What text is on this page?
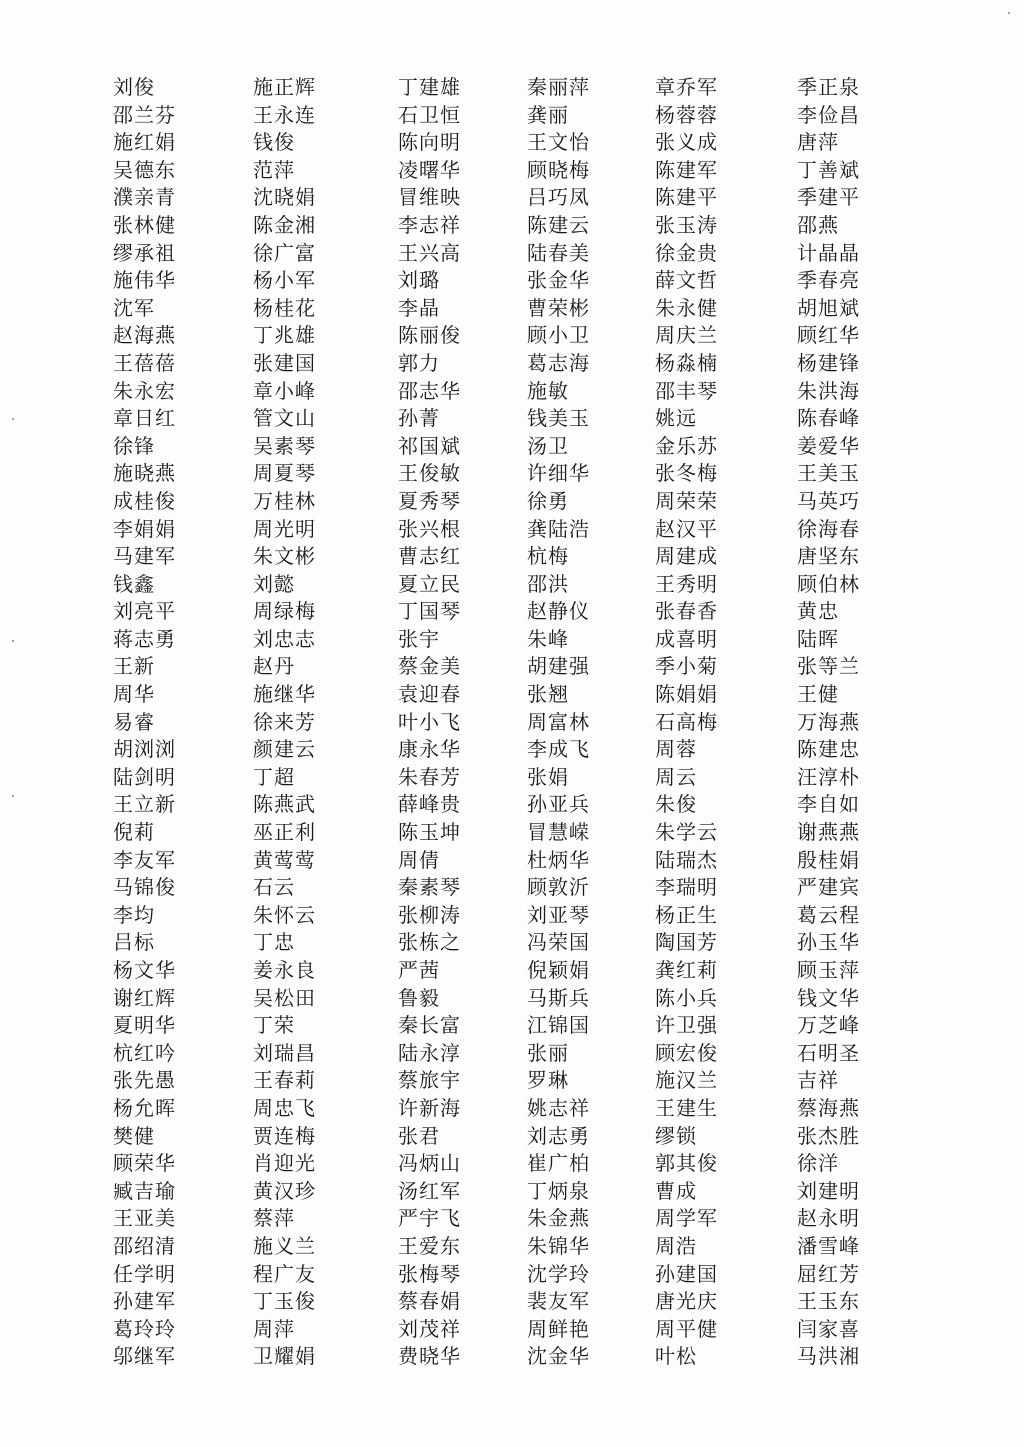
刘俊	施正辉	丁建雄	秦丽萍	章乔军	季正泉
邵兰芬	王永连	石卫恒	龚丽	杨蓉蓉	李俭昌
施红娟	钱俊	陈向明	王文怡	张义成	唐萍
吴德东	范萍	凌曙华	顾晓梅	陈建军	丁善斌
濮亲青	沈晓娟	冒维映	吕巧凤	陈建平	季建平
张林健	陈金湘	李志祥	陈建云	张玉涛	邵燕
缪承祖	徐广富	王兴高	陆春美	徐金贵	计晶晶
施伟华	杨小军	刘璐	张金华	薛文哲	季春亮
沈军	杨桂花	李晶	曹荣彬	朱永健	胡旭斌
赵海燕	丁兆雄	陈丽俊	顾小卫	周庆兰	顾红华
王蓓蓓	张建国	郭力	葛志海	杨淼楠	杨建锋
朱永宏	章小峰	邵志华	施敏	邵丰琴	朱洪海
章日红	管文山	孙菁	钱美玉	姚远	陈春峰
徐锋	吴素琴	祁国斌	汤卫	金乐苏	姜爱华
施晓燕	周夏琴	王俊敏	许细华	张冬梅	王美玉
成桂俊	万桂林	夏秀琴	徐勇	周荣荣	马英巧
李娟娟	周光明	张兴根	龚陆浩	赵汉平	徐海春
马建军	朱文彬	曹志红	杭梅	周建成	唐坚东
钱鑫	刘懿	夏立民	邵洪	王秀明	顾伯林
刘亮平	周绿梅	丁国琴	赵静仪	张春香	黄忠
蒋志勇	刘忠志	张宇	朱峰	成喜明	陆晖
王新	赵丹	蔡金美	胡建强	季小菊	张等兰
周华	施继华	袁迎春	张翘	陈娟娟	王健
易睿	徐来芳	叶小飞	周富林	石高梅	万海燕
胡浏浏	颜建云	康永华	李成飞	周蓉	陈建忠
陆剑明	丁超	朱春芳	张娟	周云	汪淳朴
王立新	陈燕武	薛峰贵	孙亚兵	朱俊	李自如
倪莉	巫正利	陈玉坤	冒慧嵘	朱学云	谢燕燕
李友军	黄莺莺	周倩	杜炳华	陆瑞杰	殷桂娟
马锦俊	石云	秦素琴	顾敦沂	李瑞明	严建宾
李均	朱怀云	张柳涛	刘亚琴	杨正生	葛云程
吕标	丁忠	张栋之	冯荣国	陶国芳	孙玉华
杨文华	姜永良	严茜	倪颖娟	龚红莉	顾玉萍
谢红辉	吴松田	鲁毅	马斯兵	陈小兵	钱文华
夏明华	丁荣	秦长富	江锦国	许卫强	万芝峰
杭红吟	刘瑞昌	陆永淳	张丽	顾宏俊	石明圣
张先愚	王春莉	蔡旅宇	罗琳	施汉兰	吉祥
杨允晖	周忠飞	许新海	姚志祥	王建生	蔡海燕
樊健	贾连梅	张君	刘志勇	缪锁	张杰胜
顾荣华	肖迎光	冯炳山	崔广柏	郭其俊	徐洋
臧吉瑜	黄汉珍	汤红军	丁炳泉	曹成	刘建明
王亚美	蔡萍	严宇飞	朱金燕	周学军	赵永明
邵绍清	施义兰	王爱东	朱锦华	周浩	潘雪峰
任学明	程广友	张梅琴	沈学玲	孙建国	屈红芳
孙建军	丁玉俊	蔡春娟	裴友军	唐光庆	王玉东
葛玲玲	周萍	刘茂祥	周鲜艳	周平健	闫家喜
邬继军	卫耀娟	费晓华	沈金华	叶松	马洪湘
